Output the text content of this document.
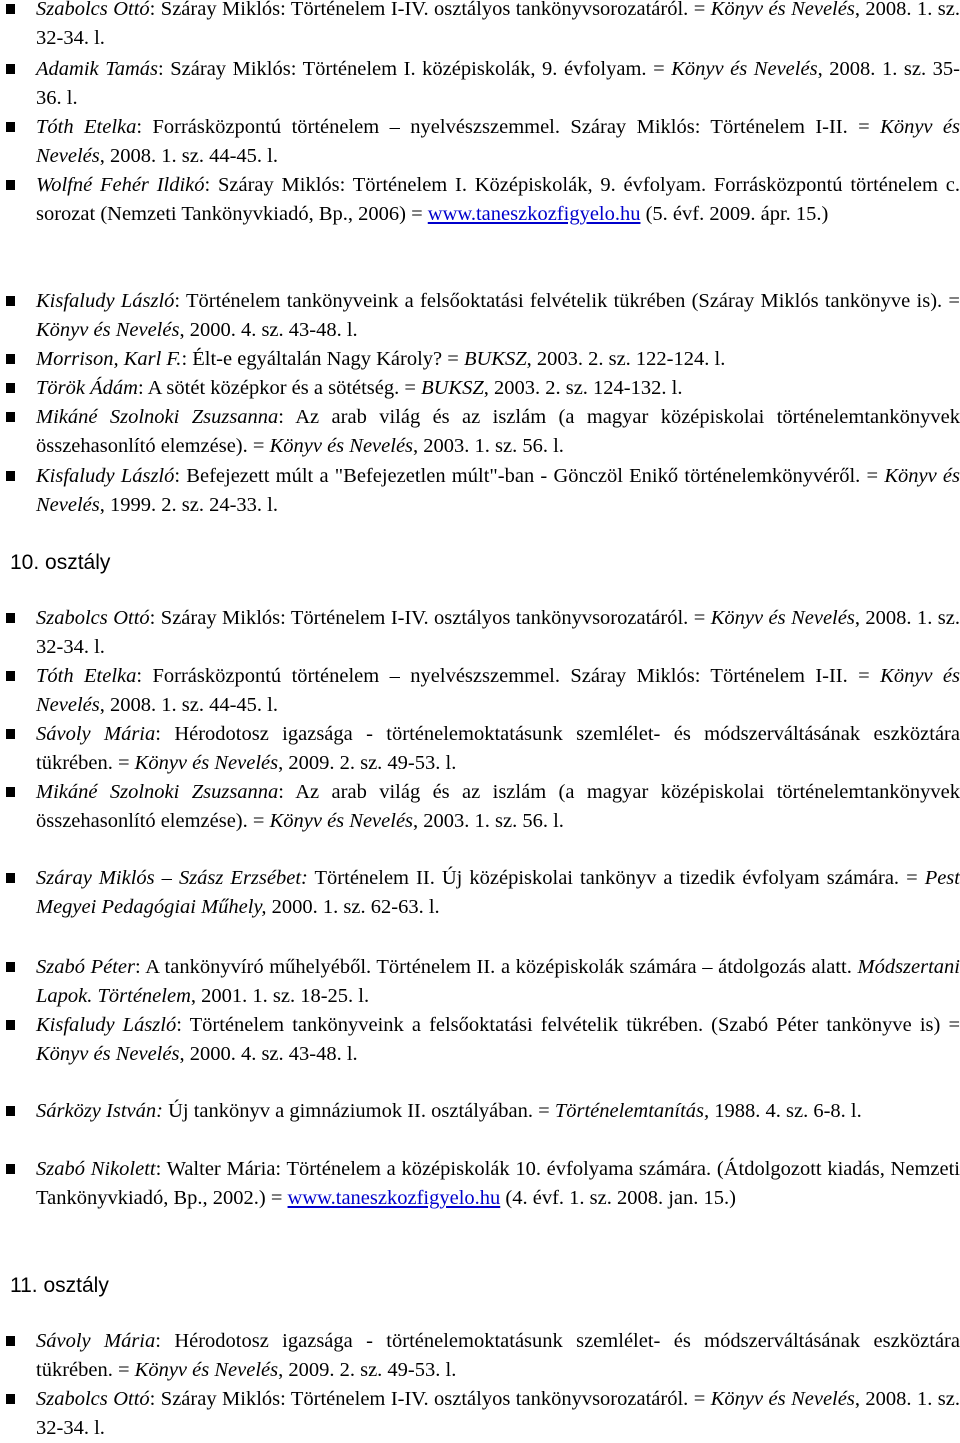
Szabolcs Ottó: Száray Miklós: Történelem I-IV. osztályos tankönyvsorozatáról. = Könyv és Nevelés, 2008. 1. sz. 32-34. l.
Adamik Tamás: Száray Miklós: Történelem I. középiskolák, 9. évfolyam. = Könyv és Nevelés, 2008. 1. sz. 35-36. l.
Tóth Etelka: Forrásközpontú történelem – nyelvészszemmel. Száray Miklós: Történelem I-II. = Könyv és Nevelés, 2008. 1. sz. 44-45. l.
Wolfné Fehér Ildikó: Száray Miklós: Történelem I. Középiskolák, 9. évfolyam. Forrásközpontú történelem c. sorozat (Nemzeti Tankönyvkiadó, Bp., 2006) = www.taneszkozfigyelo.hu (5. évf. 2009. ápr. 15.)
Kisfaludy László: Történelem tankönyveink a felsőoktatási felvételik tükrében (Száray Miklós tankönyve is). = Könyv és Nevelés, 2000. 4. sz. 43-48. l.
Morrison, Karl F.: Élt-e egyáltalán Nagy Károly? = BUKSZ, 2003. 2. sz. 122-124. l.
Török Ádám: A sötét középkor és a sötétség. = BUKSZ, 2003. 2. sz. 124-132. l.
Mikáné Szolnoki Zsuzsanna: Az arab világ és az iszlám (a magyar középiskolai történelemtankönyvek összehasonlító elemzése). = Könyv és Nevelés, 2003. 1. sz. 56. l.
Kisfaludy László: Befejezett múlt a "Befejezetlen múlt"-ban - Gönczöl Enikő történelemkönyvéről. = Könyv és Nevelés, 1999. 2. sz. 24-33. l.
10. osztály
Szabolcs Ottó: Száray Miklós: Történelem I-IV. osztályos tankönyvsorozatáról. = Könyv és Nevelés, 2008. 1. sz. 32-34. l.
Tóth Etelka: Forrásközpontú történelem – nyelvészszemmel. Száray Miklós: Történelem I-II. = Könyv és Nevelés, 2008. 1. sz. 44-45. l.
Sávoly Mária: Hérodotosz igazsága - történelemoktatásunk szemlélet- és módszerváltásának eszköztára tükrében. = Könyv és Nevelés, 2009. 2. sz. 49-53. l.
Mikáné Szolnoki Zsuzsanna: Az arab világ és az iszlám (a magyar középiskolai történelemtankönyvek összehasonlító elemzése). = Könyv és Nevelés, 2003. 1. sz. 56. l.
Száray Miklós – Szász Erzsébet: Történelem II. Új középiskolai tankönyv a tizedik évfolyam számára. = Pest Megyei Pedagógiai Műhely, 2000. 1. sz. 62-63. l.
Szabó Péter: A tankönyvíró műhelyéből. Történelem II. a középiskolák számára – átdolgozás alatt. Módszertani Lapok. Történelem, 2001. 1. sz. 18-25. l.
Kisfaludy László: Történelem tankönyveink a felsőoktatási felvételik tükrében. (Szabó Péter tankönyve is) = Könyv és Nevelés, 2000. 4. sz. 43-48. l.
Sárközy István: Új tankönyv a gimnáziumok II. osztályában. = Történelemtanítás, 1988. 4. sz. 6-8. l.
Szabó Nikolett: Walter Mária: Történelem a középiskolák 10. évfolyama számára. (Átdolgozott kiadás, Nemzeti Tankönyvkiadó, Bp., 2002.) = www.taneszkozfigyelo.hu (4. évf. 1. sz. 2008. jan. 15.)
11. osztály
Sávoly Mária: Hérodotosz igazsága - történelemoktatásunk szemlélet- és módszerváltásának eszköztára tükrében. = Könyv és Nevelés, 2009. 2. sz. 49-53. l.
Szabolcs Ottó: Száray Miklós: Történelem I-IV. osztályos tankönyvsorozatáról. = Könyv és Nevelés, 2008. 1. sz. 32-34. l.
